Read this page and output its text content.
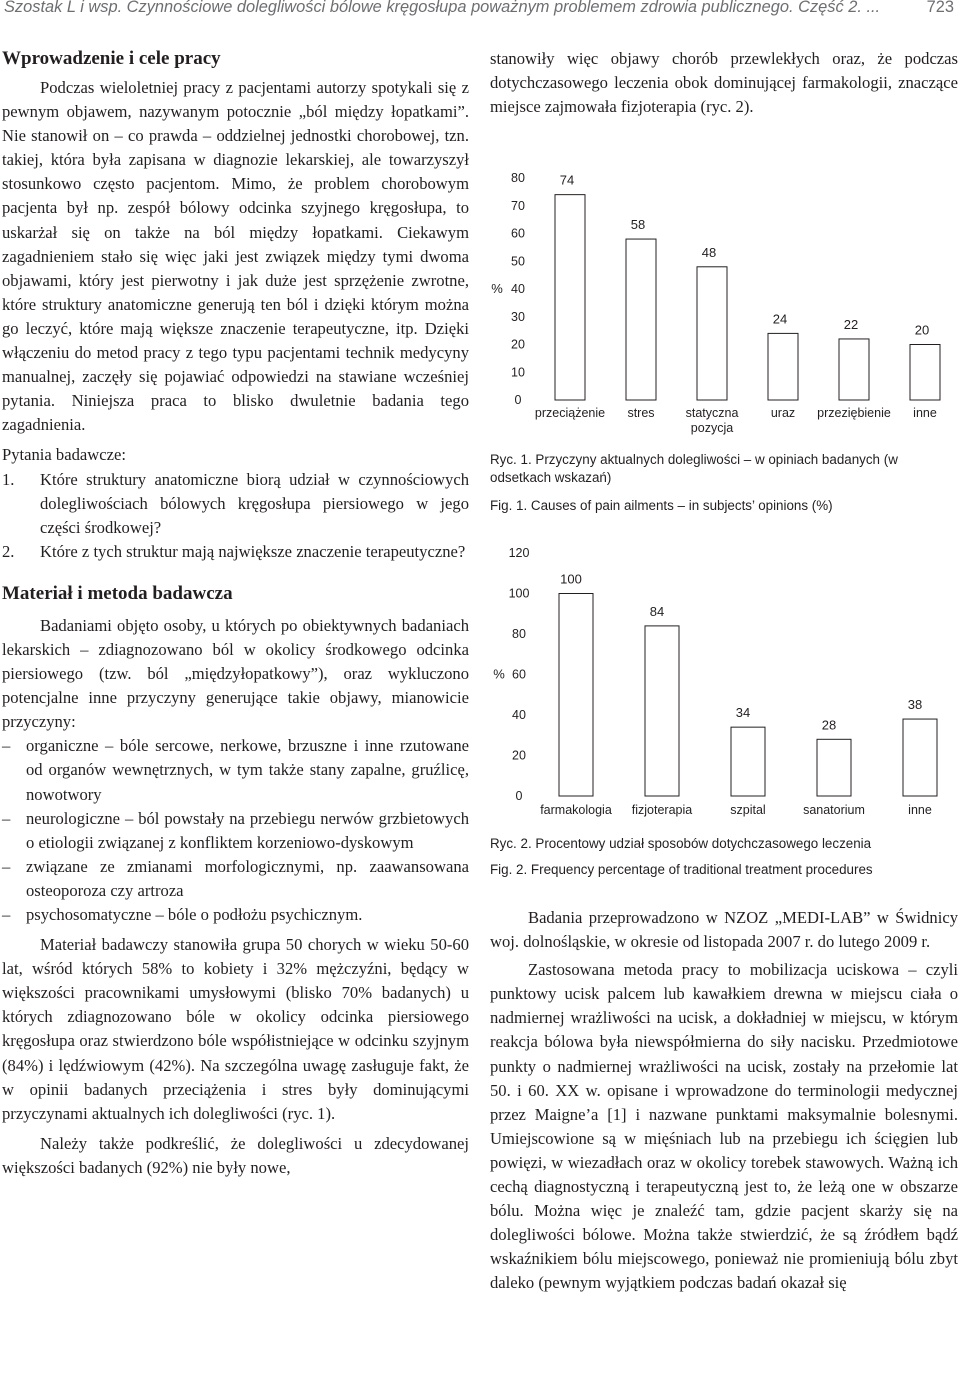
Szostak L i wsp. Czynnościowe dolegliwości bólowe kręgosłupa poważnym problemem zdrowia publicznego. Część 2. ...	723
Wprowadzenie i cele pracy

Podczas wieloletniej pracy z pacjentami autorzy spotykali się z pewnym objawem, nazywanym potocznie „ból między łopatkami”. Nie stanowił on – co prawda – oddzielnej jednostki chorobowej, tzn. takiej, która była zapisana w diagnozie lekarskiej, ale towarzyszył stosunkowo często pacjentom. Mimo, że problem chorobowym pacjenta był np. zespół bólowy odcinka szyjnego kręgosłupa, to uskarżał się on także na ból między łopatkami. Ciekawym zagadnieniem stało się więc jaki jest związek między tymi dwoma objawami, który jest pierwotny i jak duże jest sprzężenie zwrotne, które struktury anatomiczne generują ten ból i dzięki którym można go leczyć, które mają większe znaczenie terapeutyczne, itp. Dzięki włączeniu do metod pracy z tego typu pacjentami technik medycyny manualnej, zaczęły się pojawiać odpowiedzi na stawiane wcześniej pytania. Niniejsza praca to blisko dwuletnie badania tego zagadnienia.

Pytania badawcze:

1.	Które struktury anatomiczne biorą udział w czynnościowych dolegliwościach bólowych kręgosłupa piersiowego w jego części środkowej?
2.	Które z tych struktur mają największe znaczenie terapeutyczne?
Materiał i metoda badawcza

Badaniami objęto osoby, u których po obiektywnych badaniach lekarskich – zdiagnozowano ból w okolicy środkowego odcinka piersiowego (tzw. ból „międzyłopatkowy”), oraz wykluczono potencjalne inne przyczyny generujące takie objawy, mianowicie przyczyny:

– organiczne – bóle sercowe, nerkowe, brzuszne i inne rzutowane od organów wewnętrznych, w tym także stany zapalne, gruźlicę, nowotwory
– neurologiczne – ból powstały na przebiegu nerwów grzbietowych o etiologii związanej z konfliktem korzeniowo-dyskowym
– związane ze zmianami morfologicznymi, np. zaawansowana osteoporoza czy artroza
– psychosomatyczne – bóle o podłożu psychicznym.

Materiał badawczy stanowiła grupa 50 chorych w wieku 50-60 lat, wśród których 58% to kobiety i 32% mężczyźni, będący w większości pracownikami umysłowymi (blisko 70% badanych) u których zdiagnozowano bóle w okolicy odcinka piersiowego kręgosłupa oraz stwierdzono bóle współistniejące w odcinku szyjnym (84%) i lędźwiowym (42%). Na szczególna uwagę zasługuje fakt, że w opinii badanych przeciążenia i stres były dominującymi przyczynami aktualnych ich dolegliwości (ryc. 1).

Należy także podkreślić, że dolegliwości u zdecydowanej większości badanych (92%) nie były nowe,

stanowiły więc objawy chorób przewlekłych oraz, że podczas dotychczasowego leczenia obok dominującej farmakologii, znaczące miejsce zajmowała fizjoterapia (ryc. 2).

0
10
20
30
40
50
60
70
80
%
74
przeciążenie
58
stres
48
statyczna
pozycja
24
uraz
22
przeziębienie
20
inne

Ryc. 1. Przyczyny aktualnych dolegliwości – w opiniach badanych (w odsetkach wskazań)

Fig. 1. Causes of pain ailments – in subjects’ opinions (%)

0
20
40
60
80
100
120
%
100
farmakologia
84
fizjoterapia
34
szpital
28
sanatorium
38
inne

Ryc. 2. Procentowy udział sposobów dotychczasowego leczenia

Fig. 2. Frequency percentage of traditional treatment procedures

Badania przeprowadzono w NZOZ „MEDI-LAB” w Świdnicy woj. dolnośląskie, w okresie od listopada 2007 r. do lutego 2009 r.

Zastosowana metoda pracy to mobilizacja uciskowa – czyli punktowy ucisk palcem lub kawałkiem drewna w miejscu ciała o nadmiernej wrażliwości na ucisk, a dokładniej w miejscu, w którym reakcja bólowa była niewspółmierna do siły nacisku. Przedmiotowe punkty o nadmiernej wrażliwości na ucisk, zostały na przełomie lat 50. i 60. XX w. opisane i wprowadzone do terminologii medycznej przez Maigne’a [1] i nazwane punktami maksymalnie bolesnymi. Umiejscowione są w mięśniach lub na przebiegu ich ścięgien lub powięzi, w wiezadłach oraz w okolicy torebek stawowych. Ważną ich cechą diagnostyczną i terapeutyczną jest to, że leżą one w obszarze bólu. Można więc je znaleźć tam, gdzie pacjent skarży się na dolegliwości bólowe. Można także stwierdzić, że są źródłem bądź wskaźnikiem bólu miejscowego, ponieważ nie promieniują bólu zbyt daleko (pewnym wyjątkiem podczas badań okazał się
